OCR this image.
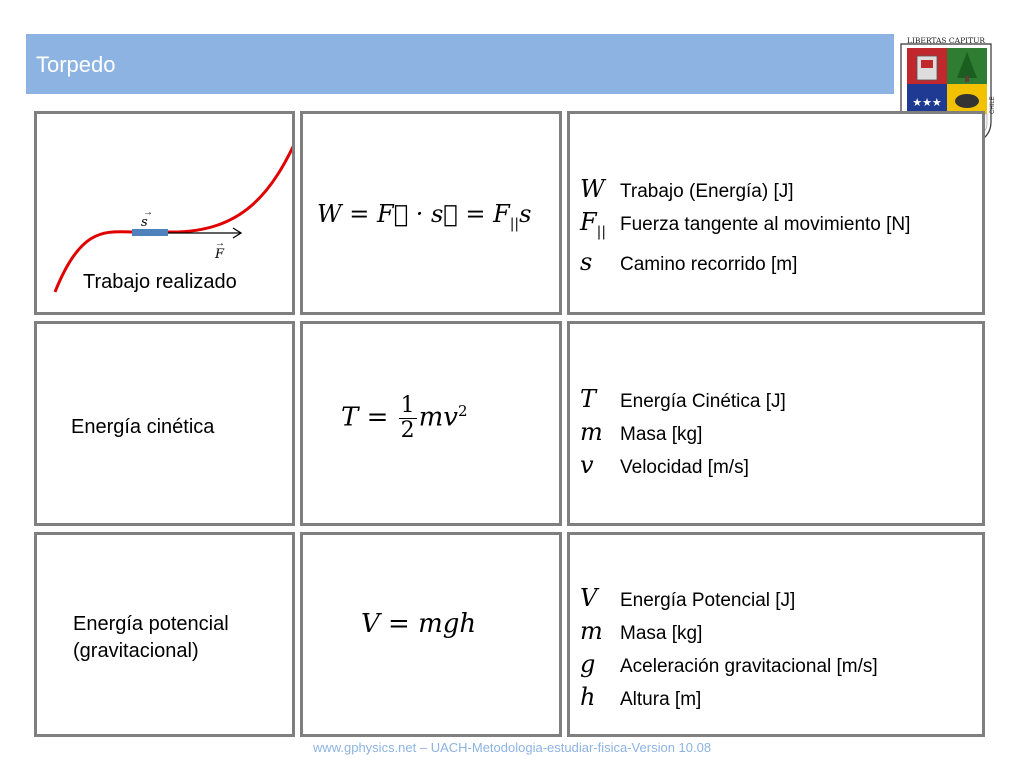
Torpedo
LIBERTAS CAPITUR
★★★	CHILE
s
→
F
→
Trabajo realizado
W = F⃗ · s⃗ = $F_{||}s$
W Trabajo (Energía) [J]
$F_{||}$ Fuerza tangente al movimiento [N]
s	Camino recorrido [m]
Energía cinética	$T = \frac{1}{2} mv^2$	T	Energía Cinética [J]
m Masa [kg]
v	Velocidad [m/s]
Energía potencial
(gravitacional)
V = mgh
V	Energía Potencial [J]
m Masa [kg]
g	Aceleración gravitacional [m/s]
h	Altura [m]
www.gphysics.net – UACH-Metodologia-estudiar-fisica-Version 10.08
